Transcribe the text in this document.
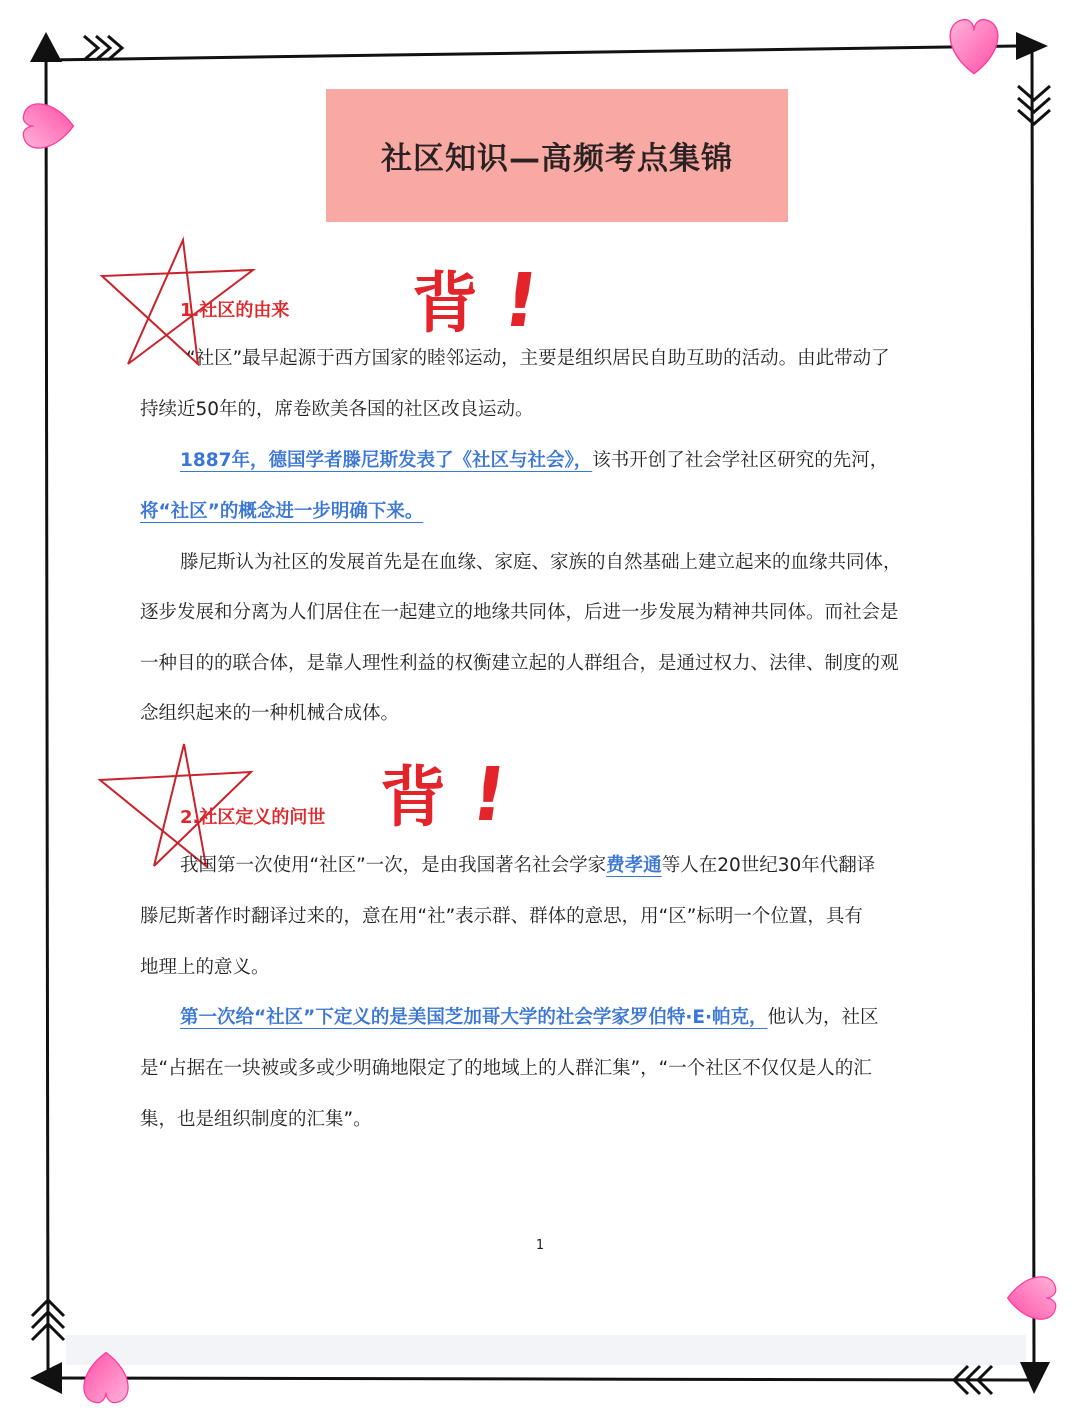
社区知识—高频考点集锦
1.社区的由来 背 !
“社区”最早起源于西方国家的睦邻运动，主要是组织居民自助互助的活动。由此带动了
持续近50年的，席卷欧美各国的社区改良运动。
1887年，德国学者滕尼斯发表了《社区与社会》，该书开创了社会学社区研究的先河，
将“社区”的概念进一步明确下来。
滕尼斯认为社区的发展首先是在血缘、家庭、家族的自然基础上建立起来的血缘共同体，
逐步发展和分离为人们居住在一起建立的地缘共同体，后进一步发展为精神共同体。而社会是
一种目的的联合体，是靠人理性利益的权衡建立起的人群组合，是通过权力、法律、制度的观
念组织起来的一种机械合成体。
2.社区定义的问世 背 !
我国第一次使用“社区”一次，是由我国著名社会学家费孝通等人在20世纪30年代翻译
滕尼斯著作时翻译过来的，意在用“社”表示群、群体的意思，用“区”标明一个位置，具有
地理上的意义。
第一次给“社区”下定义的是美国芝加哥大学的社会学家罗伯特·E·帕克，他认为，社区
是“占据在一块被或多或少明确地限定了的地域上的人群汇集”，“一个社区不仅仅是人的汇
集，也是组织制度的汇集”。
1
